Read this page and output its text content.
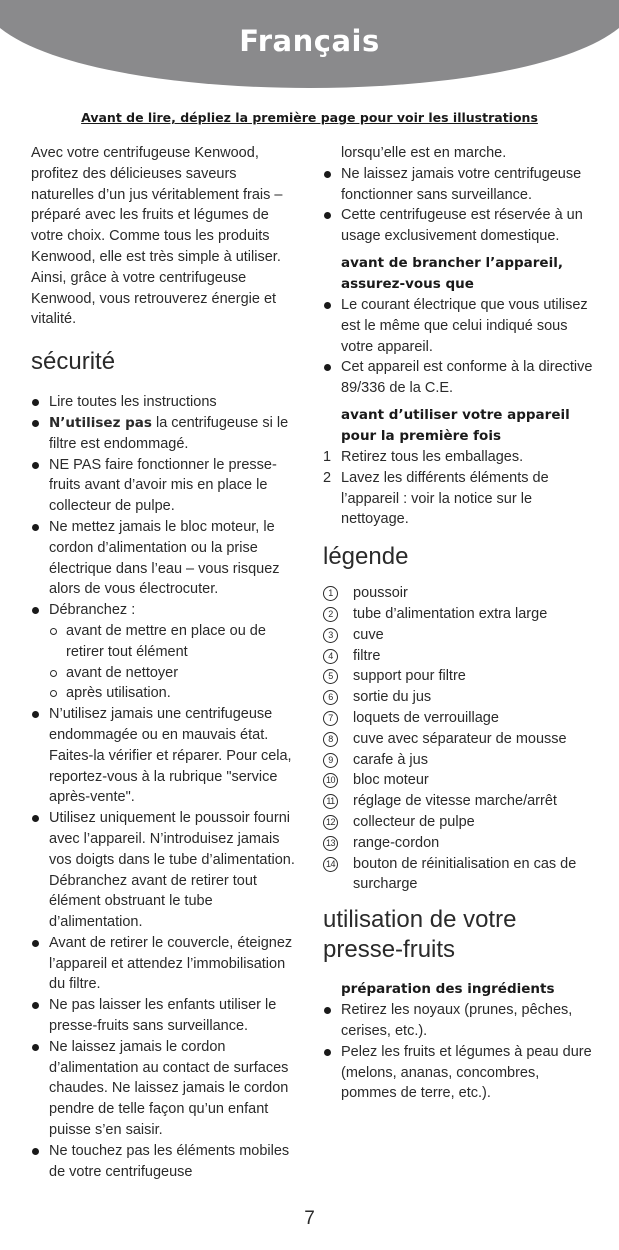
Français
Avant de lire, dépliez la première page pour voir les illustrations

Avec votre centrifugeuse Kenwood, profitez des délicieuses saveurs naturelles d’un jus véritablement frais – préparé avec les fruits et légumes de votre choix. Comme tous les produits Kenwood, elle est très simple à utiliser. Ainsi, grâce à votre centrifugeuse Kenwood, vous retrouverez énergie et vitalité.

sécurité
Lire toutes les instructions
N’utilisez pas la centrifugeuse si le filtre est endommagé.
NE PAS faire fonctionner le presse-fruits avant d’avoir mis en place le collecteur de pulpe.
Ne mettez jamais le bloc moteur, le cordon d’alimentation ou la prise électrique dans l’eau – vous risquez alors de vous électrocuter.
Débranchez :
avant de mettre en place ou de retirer tout élément
avant de nettoyer
après utilisation.
N’utilisez jamais une centrifugeuse endommagée ou en mauvais état. Faites-la vérifier et réparer. Pour cela, reportez-vous à la rubrique "service après-vente".
Utilisez uniquement le poussoir fourni avec l’appareil. N’introduisez jamais vos doigts dans le tube d’alimentation. Débranchez avant de retirer tout élément obstruant le tube d’alimentation.
Avant de retirer le couvercle, éteignez l’appareil et attendez l’immobilisation du filtre.
Ne pas laisser les enfants utiliser le presse-fruits sans surveillance.
Ne laissez jamais le cordon d’alimentation au contact de surfaces chaudes. Ne laissez jamais le cordon pendre de telle façon qu’un enfant puisse s’en saisir.
Ne touchez pas les éléments mobiles de votre centrifugeuse

lorsqu’elle est en marche.

Ne laissez jamais votre centrifugeuse fonctionner sans surveillance.
Cette centrifugeuse est réservée à un usage exclusivement domestique.
avant de brancher l’appareil, assurez-vous que
Le courant électrique que vous utilisez est le même que celui indiqué sous votre appareil.
Cet appareil est conforme à la directive 89/336 de la C.E.
avant d’utiliser votre appareil pour la première fois
1 Retirez tous les emballages.
2 Lavez les différents éléments de l’appareil : voir la notice sur le nettoyage.
légende
1	poussoir
2	tube d’alimentation extra large
3	cuve
4	filtre
5	support pour filtre
6	sortie du jus
7	loquets de verrouillage
8	cuve avec séparateur de mousse
9	carafe à jus
10 bloc moteur
11 réglage de vitesse marche/arrêt
12 collecteur de pulpe
13 range-cordon
14 bouton de réinitialisation en cas de surcharge
utilisation de votre presse-fruits
préparation des ingrédients
Retirez les noyaux (prunes, pêches, cerises, etc.).
Pelez les fruits et légumes à peau dure (melons, ananas, concombres, pommes de terre, etc.).
7
